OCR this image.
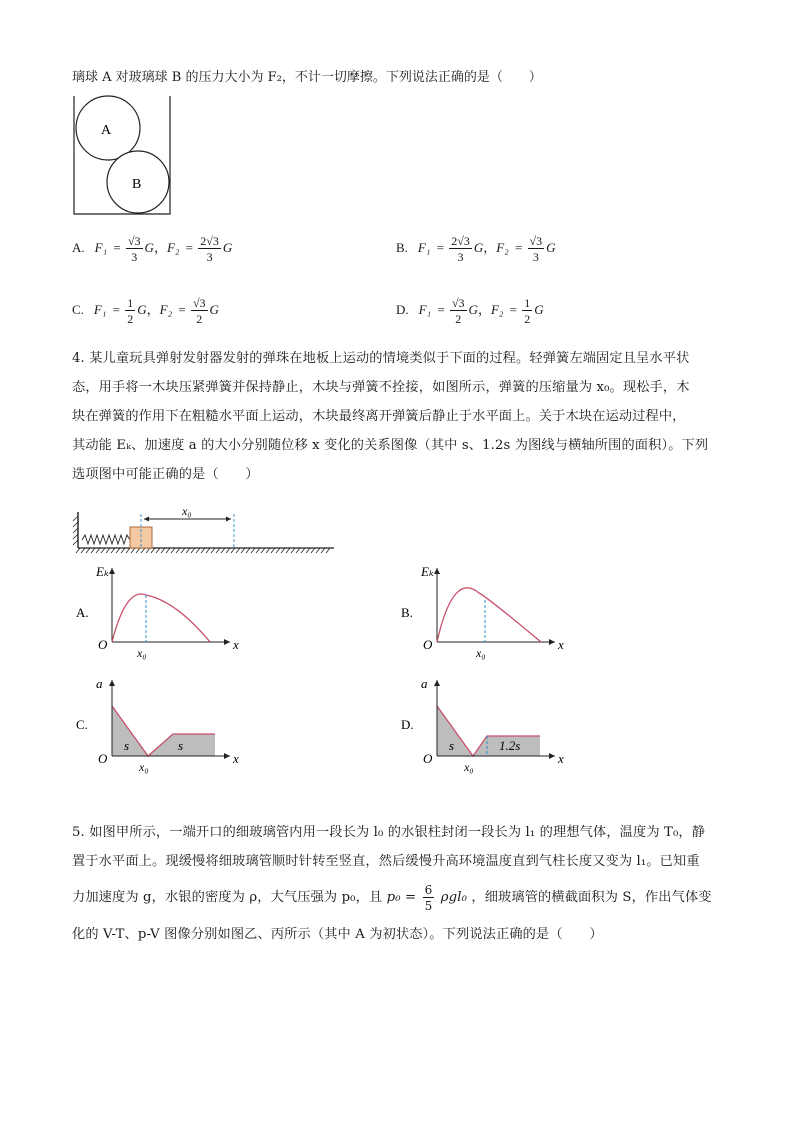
璃球 A 对玻璃球 B 的压力大小为 F₂，不计一切摩擦。下列说法正确的是（　　）
A
B
A. $F_1 = \frac{√3}{3}$ G，$F_2 = \frac{2√3}{3}$ G	B. $F_1 = \frac{2√3}{3}$ G，$F_2 = \frac{√3}{3}$ G
C. $F_1 = \frac{1}{2}$ G，$F_2 = \frac{√3}{2}$ G	D. $F_1 = \frac{√3}{2}$ G，$F_2 = \frac{1}{2}$ G
4. 某儿童玩具弹射发射器发射的弹珠在地板上运动的情境类似于下面的过程。轻弹簧左端固定且呈水平状
态，用手将一木块压紧弹簧并保持静止，木块与弹簧不拴接，如图所示，弹簧的压缩量为 x₀。现松手，木
块在弹簧的作用下在粗糙水平面上运动，木块最终离开弹簧后静止于水平面上。关于木块在运动过程中，
其动能 Eₖ、加速度 a 的大小分别随位移 x 变化的关系图像（其中 s、1.2s 为图线与横轴所围的面积）。下列
选项图中可能正确的是（　　）
x₀
A.
O	x
Eₖ
x₀
B.
O	x
Eₖ
x₀
C.
O	x
a
s	s
x₀
D.
O	x
a
s	1.2s
x₀
5. 如图甲所示，一端开口的细玻璃管内用一段长为 l₀ 的水银柱封闭一段长为 l₁ 的理想气体，温度为 T₀，静
置于水平面上。现缓慢将细玻璃管顺时针转至竖直，然后缓慢升高环境温度直到气柱长度又变为 l₁。已知重
力加速度为 g，水银的密度为 ρ，大气压强为 p₀，且 $p_0 = \frac{6}{5} \rho gl_0$ ，细玻璃管的横截面积为 S，作出气体变
化的 V-T、p-V 图像分别如图乙、丙所示（其中 A 为初状态）。下列说法正确的是（　　）
